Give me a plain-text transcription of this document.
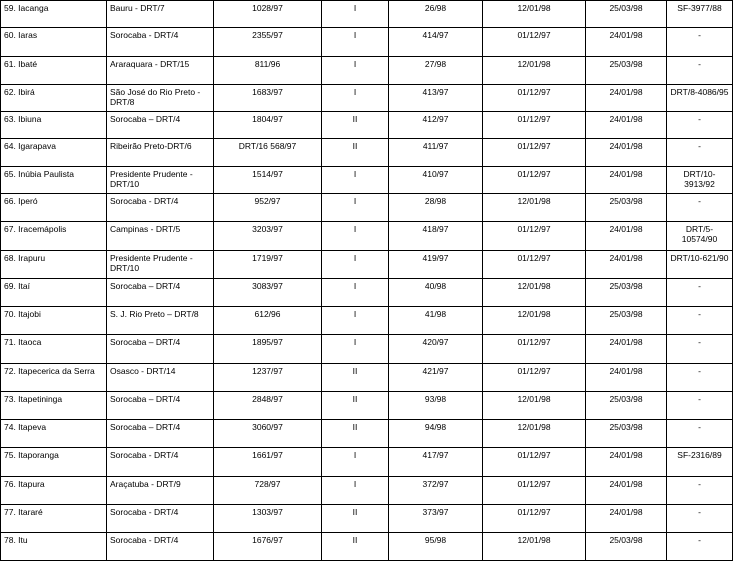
59. Iacanga	Bauru - DRT/7	1028/97	I	26/98	12/01/98	25/03/98	SF-3977/88
60. Iaras	Sorocaba - DRT/4	2355/97	I	414/97	01/12/97	24/01/98	-
61. Ibaté	Araraquara - DRT/15	811/96	I	27/98	12/01/98	25/03/98	-
62. Ibirá	São José do Rio Preto - DRT/8	1683/97	I	413/97	01/12/97	24/01/98	DRT/8-4086/95
63. Ibiuna	Sorocaba – DRT/4	1804/97	II	412/97	01/12/97	24/01/98	-
64. Igarapava	Ribeirão Preto-DRT/6	DRT/16 568/97	II	411/97	01/12/97	24/01/98	-
65. Inúbia Paulista	Presidente Prudente - DRT/10	1514/97	I	410/97	01/12/97	24/01/98	DRT/10-3913/92
66. Iperó	Sorocaba - DRT/4	952/97	I	28/98	12/01/98	25/03/98	-
67. Iracemápolis	Campinas - DRT/5	3203/97	I	418/97	01/12/97	24/01/98	DRT/5-10574/90
68. Irapuru	Presidente Prudente - DRT/10	1719/97	I	419/97	01/12/97	24/01/98	DRT/10-621/90
69. Itaí	Sorocaba – DRT/4	3083/97	I	40/98	12/01/98	25/03/98	-
70. Itajobi	S. J. Rio Preto – DRT/8	612/96	I	41/98	12/01/98	25/03/98	-
71. Itaoca	Sorocaba – DRT/4	1895/97	I	420/97	01/12/97	24/01/98	-
72. Itapecerica da Serra	Osasco - DRT/14	1237/97	II	421/97	01/12/97	24/01/98	-
73. Itapetininga	Sorocaba – DRT/4	2848/97	II	93/98	12/01/98	25/03/98	-
74. Itapeva	Sorocaba – DRT/4	3060/97	II	94/98	12/01/98	25/03/98	-
75. Itaporanga	Sorocaba - DRT/4	1661/97	I	417/97	01/12/97	24/01/98	SF-2316/89
76. Itapura	Araçatuba - DRT/9	728/97	I	372/97	01/12/97	24/01/98	-
77. Itararé	Sorocaba - DRT/4	1303/97	II	373/97	01/12/97	24/01/98	-
78. Itu	Sorocaba - DRT/4	1676/97	II	95/98	12/01/98	25/03/98	-
